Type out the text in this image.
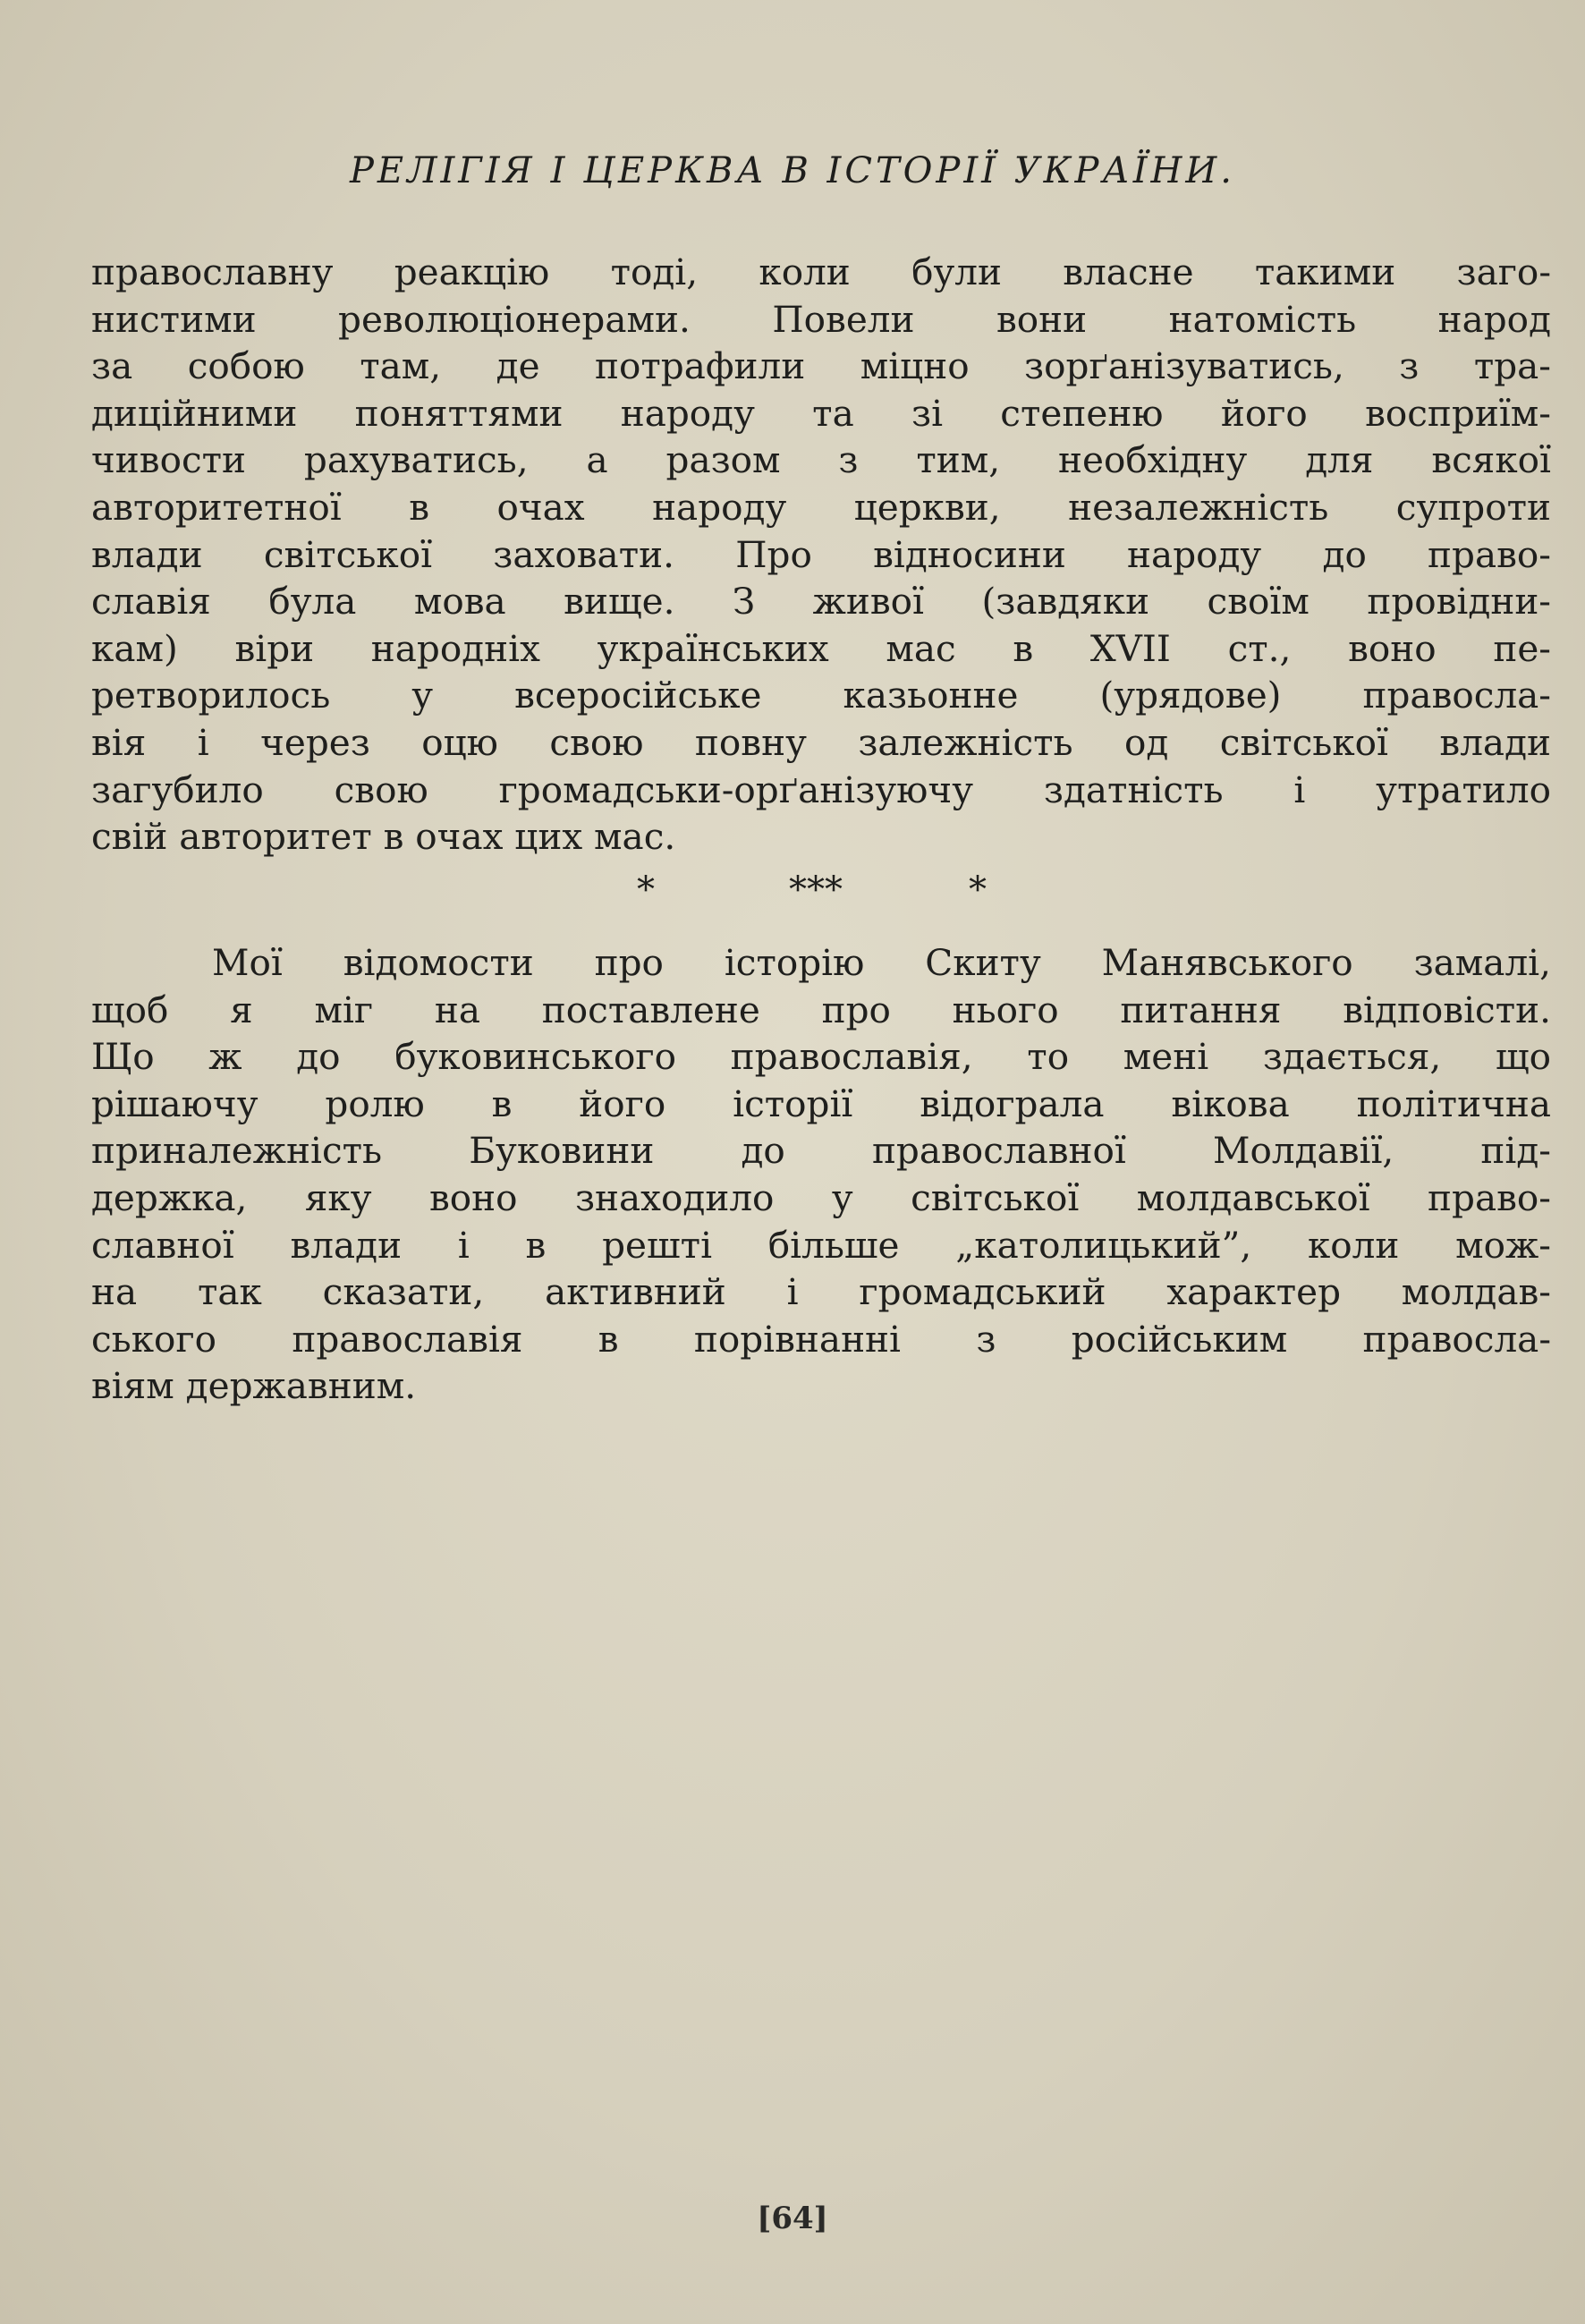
РЕЛІГІЯ І ЦЕРКВА В ІСТОРІЇ УКРАЇНИ.
православну реакцію тоді, коли були власне такими заго-
нистими революціонерами. Повели вони натомість народ
за собою там, де потрафили міцно зорґанізуватись, з тра-
диційними поняттями народу та зі степеню його восприїм-
чивости рахуватись, а разом з тим, необхідну для всякої
авторитетної в очах народу церкви, незалежність супроти
влади світської заховати. Про відносини народу до право-
славія була мова вище. З живої (завдяки своїм провідни-
кам) віри народніх українських мас в XVII ст., воно пе-
ретворилось у всеросійське казьонне (урядове) правосла-
вія і через оцю свою повну залежність од світської влади
загубило свою громадськи-орґанізуючу здатність і утратило
свій авторитет в очах цих мас.
*	***	*
Мої відомости про історію Скиту Манявського замалі,
щоб я міг на поставлене про нього питання відповісти.
Що ж до буковинського православія, то мені здається, що
рішаючу ролю в його історії відограла вікова політична
приналежність Буковини до православної Молдавії, під-
держка, яку воно знаходило у світської молдавської право-
славної влади і в решті більше „католицький”, коли мож-
на так сказати, активний і громадський характер молдав-
ського православія в порівнанні з російським правосла-
віям державним.
[64]
